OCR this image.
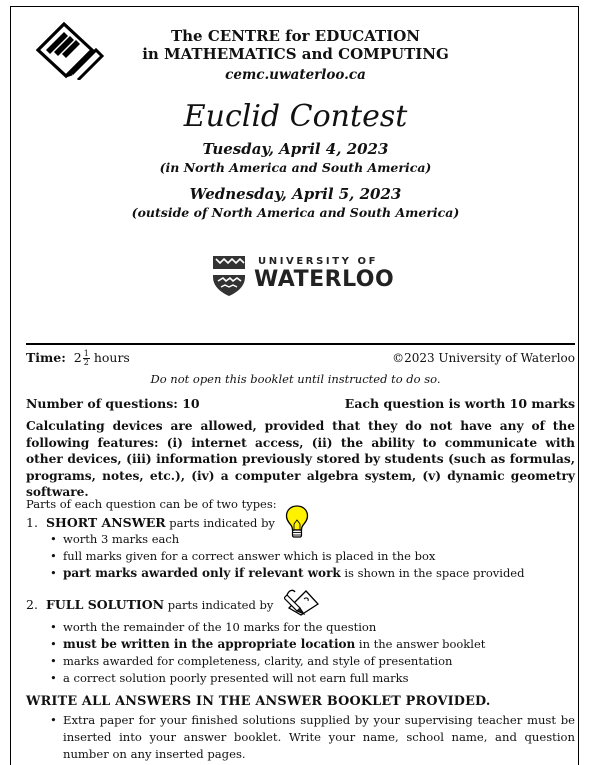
The CENTRE for EDUCATION
in MATHEMATICS and COMPUTING
cemc.uwaterloo.ca
Euclid Contest
Tuesday, April 4, 2023
(in North America and South America)
Wednesday, April 5, 2023
(outside of North America and South America)
UNIVERSITY OF
WATERLOO
Time: $2 \frac{1}{2}$ hours	©2023 University of Waterloo
Do not open this booklet until instructed to do so.
Number of questions: 10	Each question is worth 10 marks
Calculating devices are allowed, provided that they do not have any of the following features: (i) internet access, (ii) the ability to communicate with other devices, (iii) information previously stored by students (such as formulas, programs, notes, etc.), (iv) a computer algebra system, (v) dynamic geometry software.
Parts of each question can be of two types:
1. SHORT ANSWER parts indicated by
• worth 3 marks each
• full marks given for a correct answer which is placed in the box
• part marks awarded only if relevant work is shown in the space provided
2. FULL SOLUTION parts indicated by
• worth the remainder of the 10 marks for the question
• must be written in the appropriate location in the answer booklet
• marks awarded for completeness, clarity, and style of presentation
• a correct solution poorly presented will not earn full marks
WRITE ALL ANSWERS IN THE ANSWER BOOKLET PROVIDED.
• Extra paper for your finished solutions supplied by your supervising teacher must be inserted into your answer booklet. Write your name, school name, and question number on any inserted pages.
